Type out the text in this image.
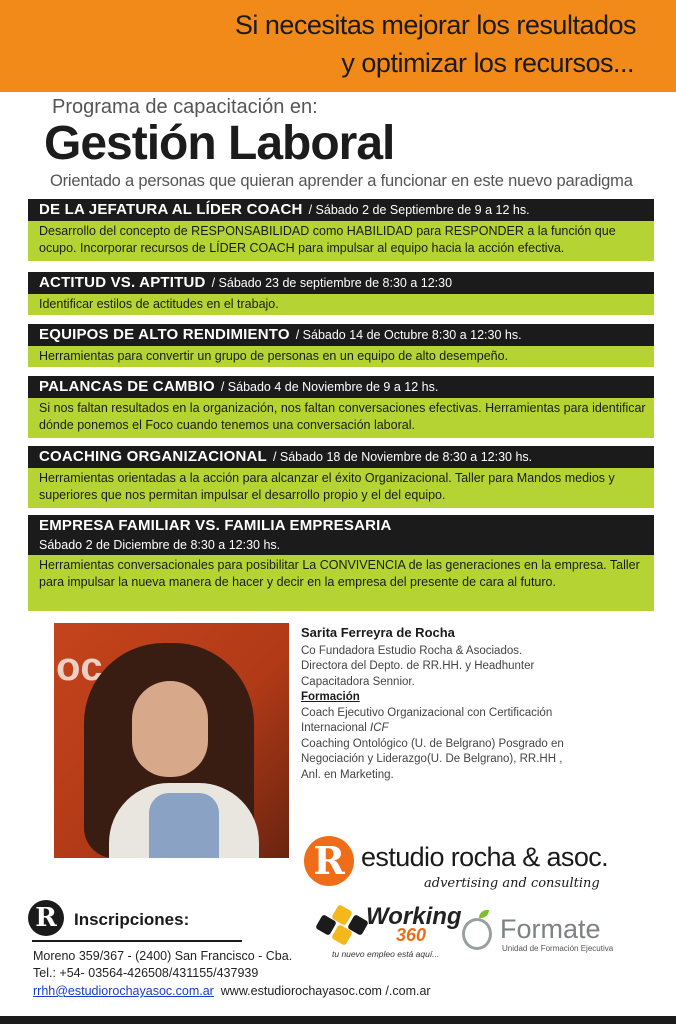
Si necesitas mejorar los resultados
y optimizar los recursos...
Programa de capacitación en:
Gestión Laboral
Orientado a personas que quieran aprender a funcionar en este nuevo paradigma
DE LA JEFATURA AL LÍDER COACH / Sábado 2 de Septiembre de 9 a 12 hs.
Desarrollo del concepto de RESPONSABILIDAD como HABILIDAD para RESPONDER a la función que ocupo. Incorporar recursos de LÍDER COACH para impulsar al equipo hacia la acción efectiva.
ACTITUD VS. APTITUD / Sábado 23 de septiembre de 8:30 a 12:30
Identificar estilos de actitudes en el trabajo.
EQUIPOS DE ALTO RENDIMIENTO / Sábado 14 de Octubre 8:30 a 12:30 hs.
Herramientas para convertir un grupo de personas en un equipo de alto desempeño.
PALANCAS DE CAMBIO / Sábado 4 de Noviembre de 9 a 12 hs.
Si nos faltan resultados en la organización, nos faltan conversaciones efectivas. Herramientas para identificar dónde ponemos el Foco cuando tenemos una conversación laboral.
COACHING ORGANIZACIONAL / Sábado 18 de Noviembre de 8:30 a 12:30 hs.
Herramientas orientadas a la acción para alcanzar el éxito Organizacional. Taller para Mandos medios y superiores que nos permitan impulsar el desarrollo propio y el del equipo.
EMPRESA FAMILIAR VS. FAMILIA EMPRESARIA
Sábado 2 de Diciembre de 8:30 a 12:30 hs.
Herramientas conversacionales para posibilitar La CONVIVENCIA de las generaciones en la empresa. Taller para impulsar la nueva manera de hacer y decir en la empresa del presente de cara al futuro.
oc
Sarita Ferreyra de Rocha
Co Fundadora Estudio Rocha & Asociados.
Directora del Depto. de RR.HH. y Headhunter
Capacitadora Sennior.
Formación
Coach Ejecutivo Organizacional con Certificación Internacional ICF
Coaching Ontológico (U. de Belgrano) Posgrado en Negociación y Liderazgo(U. De Belgrano), RR.HH , Anl. en Marketing.
R estudio rocha & asoc.
advertising and consulting
Working
360
tu nuevo empleo está aquí...
Formate
Unidad de Formación Ejecutiva
R	Inscripciones:
Moreno 359/367 - (2400) San Francisco - Cba.
Tel.: +54- 03564-426508/431155/437939
rrhh@estudiorochayasoc.com.ar www.estudiorochayasoc.com /.com.ar
